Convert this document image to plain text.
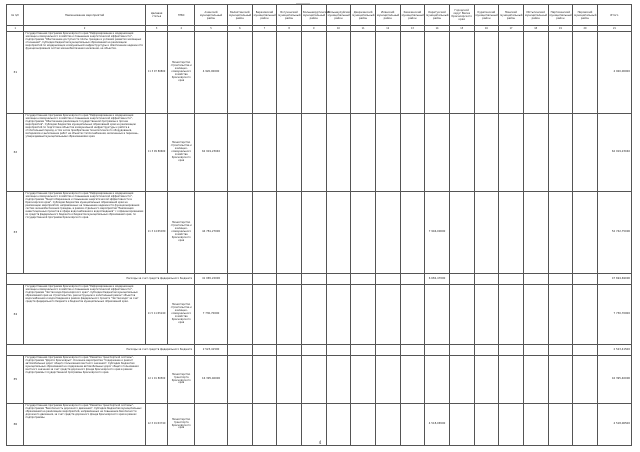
№ п/п	Наименование мероприятий	Целевая статья	ГРБС	Ачинский муниципальный район	Балахтинский муниципальный район	Березовский муниципальный район	Богучанский муниципальный район	Большемуртинский муниципальный район	Большеулуйский муниципальный район	Дзержинский муниципальный район	Иланский муниципальный район	Казачинский муниципальный район	Каратузский муниципальный район	Городской округ Вилка Красноярского края	Курагинский муниципальный район	Манский муниципальный район	Мотыгинский муниципальный район	Партизанский муниципальный район	Пировский муниципальный район	Итого
1	2	3	4	5	6	7	8	9	10	11	12	13	14	15	16	17	18	19	20	21
31	Государственная программа Красноярского края "Реформирование и модернизация жилищно-коммунального хозяйства и повышение энергетической эффективности", подпрограмма "Обеспечение доступности платы граждан в условиях развития жилищных отношений". Субсидии бюджетам муниципальных образований на реализацию мероприятий по модернизации коммунальной инфраструктуры и обеспечению надежности функционирования систем жизнеобеспечения населения, на объектах.	11 3 07 80800	Министерство строительства и жилищно-коммунального хозяйства Красноярского края	4 920,00000																4 920,00000
32	Государственная программа Красноярского края "Реформирование и модернизация жилищно-коммунального хозяйства и повышение энергетической эффективности", подпрограмма "Обеспечение реализации государственной программы и прочие мероприятия". Субсидии бюджетам муниципальных образований края на реализацию мероприятий по подготовке объектов коммунальной инфраструктуры к работе в отопительный период, в том числе приобретение технологического оборудования, материалов и выполнение работ на объектах теплоснабжения, включенных в перечень, утверждаемый муниципальными образованиями края.	11 3 09 80600	Министерство строительства и жилищно-коммунального хозяйства Красноярского края	62 919,23040																62 919,23040
33	Государственная программа Красноярского края "Реформирование и модернизация жилищно-коммунального хозяйства и повышение энергетической эффективности", подпрограмма "Энергосбережение и повышение энергетической эффективности в Красноярском крае". Субсидии бюджетам муниципальных образований края на реализацию мероприятий, направленных на повышение надежности функционирования систем жизнеобеспечения граждан, в рамках отдельного мероприятия "Реализация инвестиционных проектов в сфере водоснабжения и водоотведения" с софинансированием из средств федерального бюджета и бюджетов муниципальных образований края, по государственной программе Красноярского края.	11 3 14 R5030	Министерство строительства и жилищно-коммунального хозяйства Красноярского края	44 781,27000									7 946,00000							52 742,75000
Расходы за счет средств федерального бюджета				41 065,22000									6 682,47000							47 694,69000
34	Государственная программа Красноярского края "Реформирование и модернизация жилищно-коммунального хозяйства и повышение энергетической эффективности", подпрограмма "Чистая вода Красноярского края". Субсидии бюджетам муниципальных образований края на строительство, реконструкцию и капитальный ремонт объектов водоснабжения и водоотведения в рамках федерального проекта "Чистая вода" за счет средств федерального бюджета и бюджетов муниципальных образований края.	11 5 11 R5240	Министерство строительства и жилищно-коммунального хозяйства Красноярского края	7 730,70000																7 730,70000
Расходы за счет средств федерального бюджета				2 523,41500																2 523,41500
35	Государственная программа Красноярского края "Развитие транспортной системы", подпрограмма "Дороги Красноярья". Основное мероприятие "Содержание и ремонт автомобильных дорог общего пользования местного значения". Субсидии бюджетам муниципальных образований на содержание автомобильных дорог общего пользования местного значения за счет средств дорожного фонда Красноярского края в рамках подпрограммы государственной программы Красноярского края.	12 1 01 80500	Министерство транспорта Красноярского края	16 395,40000																16 395,40000
36	Государственная программа Красноярского края "Развитие транспортной системы", подпрограмма "Безопасность дорожного движения". Субсидии бюджетам муниципальных образований на реализацию мероприятий, направленных на повышение безопасности дорожного движения, за счет средств дорожного фонда Красноярского края в рамках подпрограммы.	12 3 01 R3740	Министерство транспорта Красноярского края										4 518,06500							4 518,06500
4
